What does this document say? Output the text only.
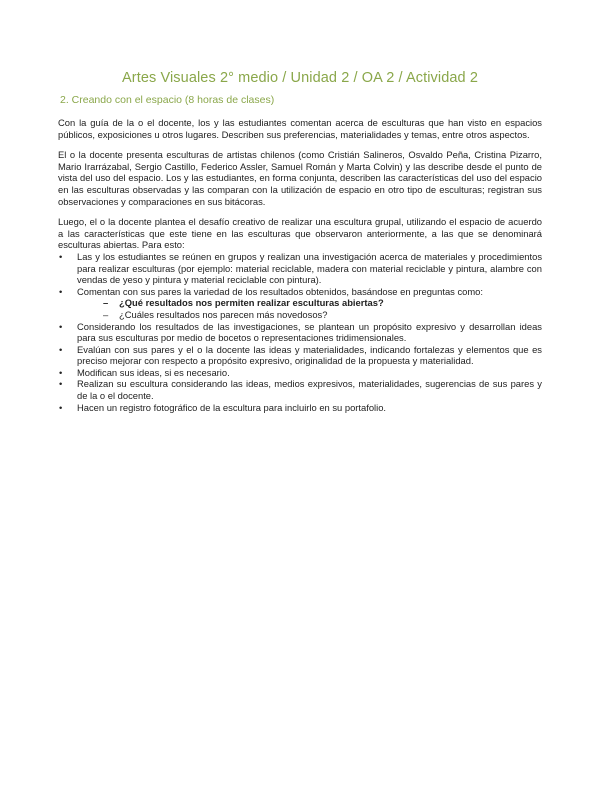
Artes Visuales 2° medio / Unidad 2 / OA 2 / Actividad 2
2. Creando con el espacio (8 horas de clases)

Con la guía de la o el docente, los y las estudiantes comentan acerca de esculturas que han visto en espacios públicos, exposiciones u otros lugares. Describen sus preferencias, materialidades y temas, entre otros aspectos.

El o la docente presenta esculturas de artistas chilenos (como Cristián Salineros, Osvaldo Peña, Cristina Pizarro, Mario Irarrázabal, Sergio Castillo, Federico Assler, Samuel Román y Marta Colvin) y las describe desde el punto de vista del uso del espacio. Los y las estudiantes, en forma conjunta, describen las características del uso del espacio en las esculturas observadas y las comparan con la utilización de espacio en otro tipo de esculturas; registran sus observaciones y comparaciones en sus bitácoras.

Luego, el o la docente plantea el desafío creativo de realizar una escultura grupal, utilizando el espacio de acuerdo a las características que este tiene en las esculturas que observaron anteriormente, a las que se denominará esculturas abiertas. Para esto:

• Las y los estudiantes se reúnen en grupos y realizan una investigación acerca de materiales y procedimientos para realizar esculturas (por ejemplo: material reciclable, madera con material reciclable y pintura, alambre con vendas de yeso y pintura y material reciclable con pintura).
• Comentan con sus pares la variedad de los resultados obtenidos, basándose en preguntas como:
– ¿Qué resultados nos permiten realizar esculturas abiertas?
– ¿Cuáles resultados nos parecen más novedosos?
• Considerando los resultados de las investigaciones, se plantean un propósito expresivo y desarrollan ideas para sus esculturas por medio de bocetos o representaciones tridimensionales.
• Evalúan con sus pares y el o la docente las ideas y materialidades, indicando fortalezas y elementos que es preciso mejorar con respecto a propósito expresivo, originalidad de la propuesta y materialidad.
• Modifican sus ideas, si es necesario.
• Realizan su escultura considerando las ideas, medios expresivos, materialidades, sugerencias de sus pares y de la o el docente.
• Hacen un registro fotográfico de la escultura para incluirlo en su portafolio.
